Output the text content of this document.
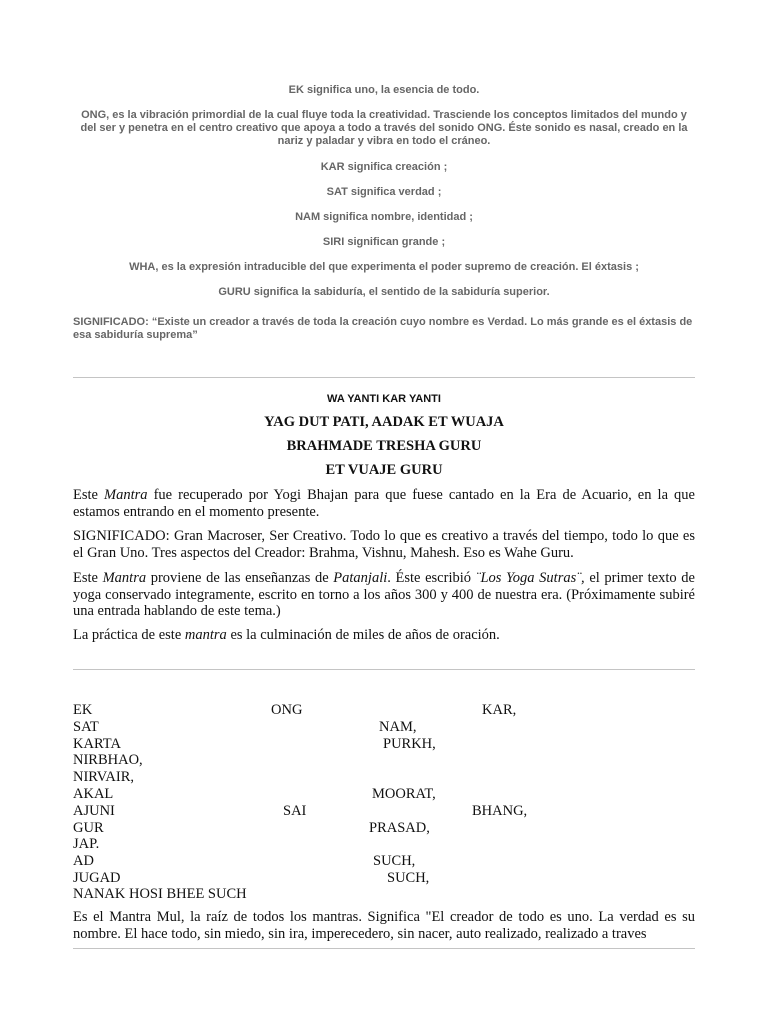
EK significa uno, la esencia de todo.

ONG, es la vibración primordial de la cual fluye toda la creatividad. Trasciende los conceptos limitados del mundo y del ser y penetra en el centro creativo que apoya a todo a través del sonido ONG. Éste sonido es nasal, creado en la nariz y paladar y vibra en todo el cráneo.

KAR significa creación ;

SAT significa verdad ;

NAM significa nombre, identidad ;

SIRI significan grande ;

WHA, es la expresión intraducible del que experimenta el poder supremo de creación. El éxtasis ;

GURU significa la sabiduría, el sentido de la sabiduría superior.

SIGNIFICADO: “Existe un creador a través de toda la creación cuyo nombre es Verdad. Lo más grande es el éxtasis de esa sabiduría suprema”

WA YANTI KAR YANTI

YAG DUT PATI, AADAK ET WUAJA

BRAHMADE TRESHA GURU

ET VUAJE GURU

Este Mantra fue recuperado por Yogi Bhajan para que fuese cantado en la Era de Acuario, en la que estamos entrando en el momento presente.

SIGNIFICADO: Gran Macroser, Ser Creativo. Todo lo que es creativo a través del tiempo, todo lo que es el Gran Uno. Tres aspectos del Creador: Brahma, Vishnu, Mahesh. Eso es Wahe Guru.

Este Mantra proviene de las enseñanzas de Patanjali. Éste escribió ¨Los Yoga Sutras¨, el primer texto de yoga conservado integramente, escrito en torno a los años 300 y 400 de nuestra era. (Próximamente subiré una entrada hablando de este tema.)

La práctica de este mantra es la culminación de miles de años de oración.

EK	ONG	KAR,
SAT	NAM,
KARTA	PURKH,
NIRBHAO,
NIRVAIR,
AKAL	MOORAT,
AJUNI	SAI	BHANG,
GUR	PRASAD,
JAP.
AD	SUCH,
JUGAD	SUCH,
NANAK HOSI BHEE SUCH

Es el Mantra Mul, la raíz de todos los mantras. Significa "El creador de todo es uno. La verdad es su nombre. El hace todo, sin miedo, sin ira, imperecedero, sin nacer, auto realizado, realizado a traves
